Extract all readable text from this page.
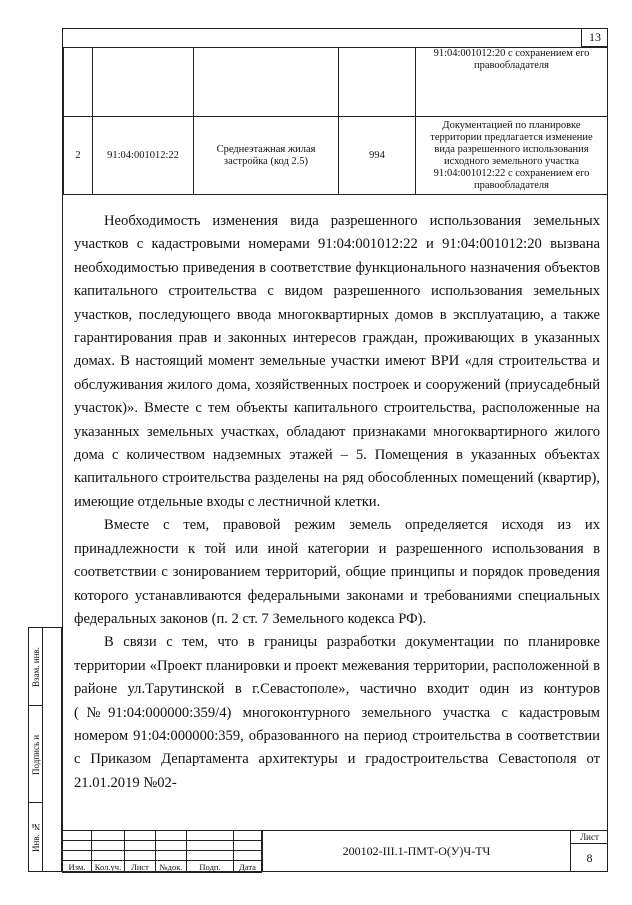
13
				91:04:001012:20 с сохранением его правообладателя
2	91:04:001012:22	Среднеэтажная жилая застройка (код 2.5)	994	Документацией по планировке территории предлагается изменение вида разрешенного использования исходного земельного участка 91:04:001012:22 с сохранением его правообладателя

Необходимость изменения вида разрешенного использования земельных участков с кадастровыми номерами 91:04:001012:22 и 91:04:001012:20 вызвана необходимостью приведения в соответствие функционального назначения объектов капитального строительства с видом разрешенного использования земельных участков, последующего ввода многоквартирных домов в эксплуатацию, а также гарантирования прав и законных интересов граждан, проживающих в указанных домах. В настоящий момент земельные участки имеют ВРИ «для строительства и обслуживания жилого дома, хозяйственных построек и сооружений (приусадебный участок)». Вместе с тем объекты капитального строительства, расположенные на указанных земельных участках, обладают признаками многоквартирного жилого дома с количеством надземных этажей – 5. Помещения в указанных объектах капитального строительства разделены на ряд обособленных помещений (квартир), имеющие отдельные входы с лестничной клетки.

Вместе с тем, правовой режим земель определяется исходя из их принадлежности к той или иной категории и разрешенного использования в соответствии с зонированием территорий, общие принципы и порядок проведения которого устанавливаются федеральными законами и требованиями специальных федеральных законов (п. 2 ст. 7 Земельного кодекса РФ).

В связи с тем, что в границы разработки документации по планировке территории «Проект планировки и проект межевания территории, расположенной в районе ул.Тарутинской в г.Севастополе», частично входит один из контуров (№91:04:000000:359/4) многоконтурного земельного участка с кадастровым номером 91:04:000000:359, образованного на период строительства в соответствии с Приказом Департамента архитектуры и градостроительства Севастополя от 21.01.2019 №02-

Взам. инв.
Подпись и
Инв. №

Изм.	Кол.уч.	Лист	№док.	Подп.	Дата
200102-III.1-ПМТ-О(У)Ч-ТЧ
Лист
8
